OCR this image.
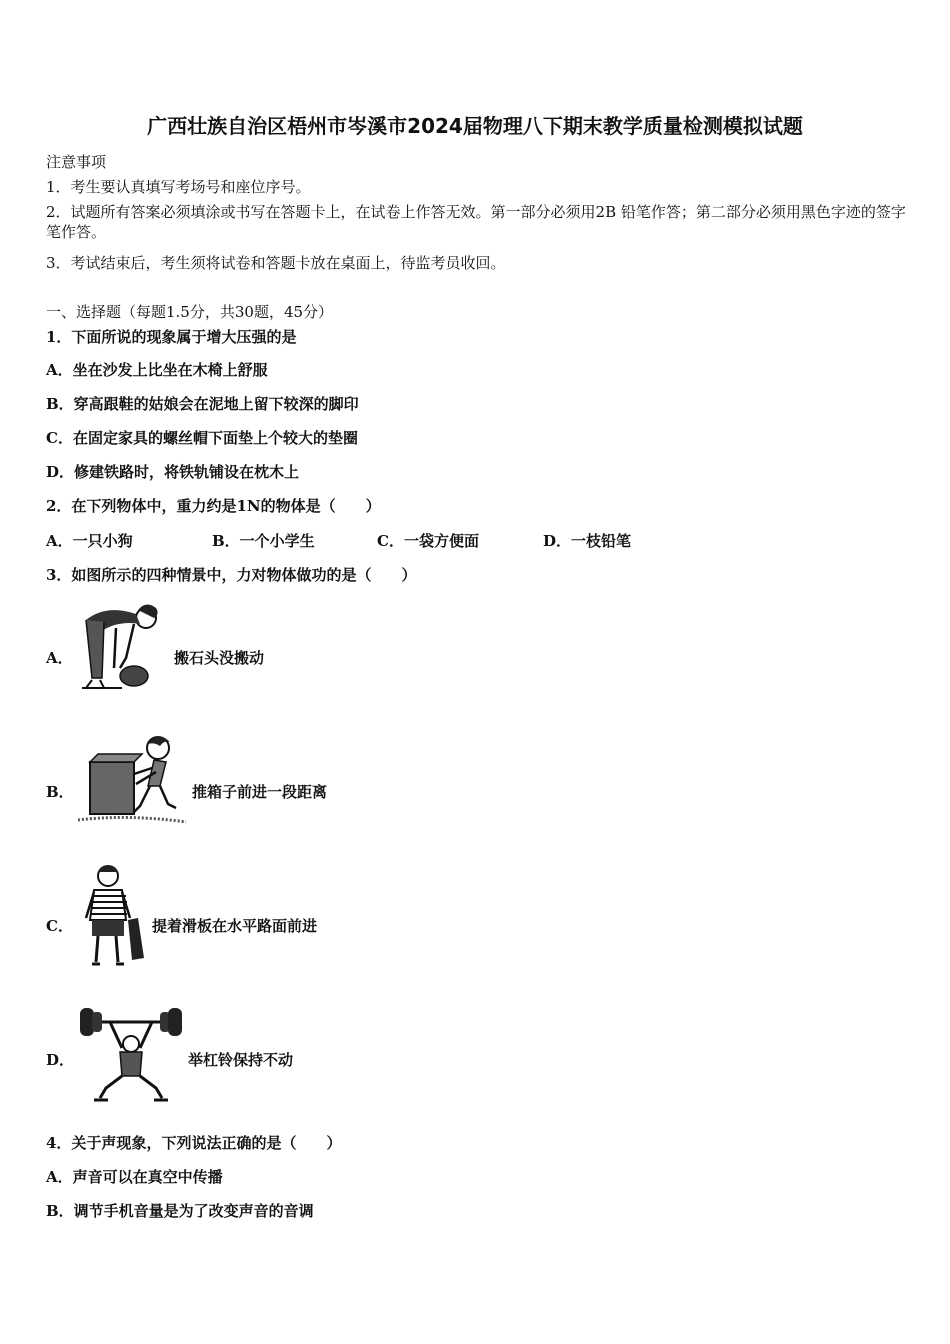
广西壮族自治区梧州市岑溪市2024届物理八下期末教学质量检测模拟试题
注意事项
1．考生要认真填写考场号和座位序号。
2．试题所有答案必须填涂或书写在答题卡上，在试卷上作答无效。第一部分必须用2B 铅笔作答；第二部分必须用黑色字迹的签字笔作答。
3．考试结束后，考生须将试卷和答题卡放在桌面上，待监考员收回。
一、选择题（每题1.5分，共30题，45分）
1．下面所说的现象属于增大压强的是
A．坐在沙发上比坐在木椅上舒服
B．穿高跟鞋的姑娘会在泥地上留下较深的脚印
C．在固定家具的螺丝帽下面垫上个较大的垫圈
D．修建铁路时，将铁轨铺设在枕木上
2．在下列物体中，重力约是1N的物体是（　　）
A．一只小狗	B．一个小学生	C．一袋方便面	D．一枝铅笔
3．如图所示的四种情景中，力对物体做功的是（　　）
A．	搬石头没搬动
B．	推箱子前进一段距离
C．	提着滑板在水平路面前进
D．	举杠铃保持不动
4．关于声现象，下列说法正确的是（　　）
A．声音可以在真空中传播
B．调节手机音量是为了改变声音的音调
